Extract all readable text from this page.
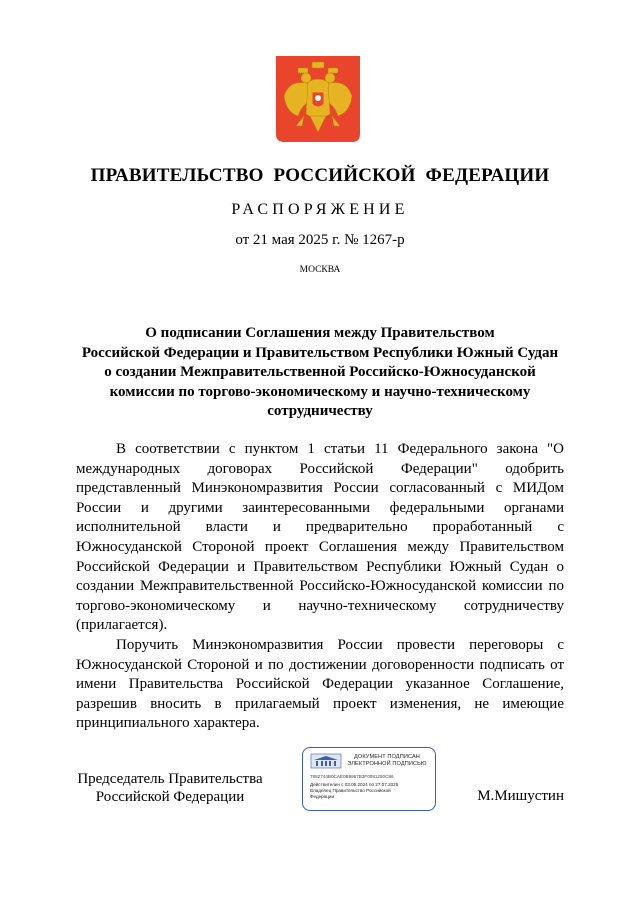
ПРАВИТЕЛЬСТВО РОССИЙСКОЙ ФЕДЕРАЦИИ
РАСПОРЯЖЕНИЕ
от 21 мая 2025 г. № 1267-р
МОСКВА
О подписании Соглашения между Правительством
Российской Федерации и Правительством Республики Южный Судан
о создании Межправительственной Российско-Южносуданской
комиссии по торгово-экономическому и научно-техническому
сотрудничеству

В соответствии с пунктом 1 статьи 11 Федерального закона "О международных договорах Российской Федерации" одобрить представленный Минэкономразвития России согласованный с МИДом России и другими заинтересованными федеральными органами исполнительной власти и предварительно проработанный с Южносуданской Стороной проект Соглашения между Правительством Российской Федерации и Правительством Республики Южный Судан о создании Межправительственной Российско-Южносуданской комиссии по торгово-экономическому и научно-техническому сотрудничеству (прилагается).

Поручить Минэкономразвития России провести переговоры с Южносуданской Стороной и по достижении договоренности подписать от имени Правительства Российской Федерации указанное Соглашение, разрешив вносить в прилагаемый проект изменения, не имеющие принципиального характера.

Председатель Правительства
Российской Федерации
ДОКУМЕНТ ПОДПИСАН
ЭЛЕКТРОННОЙ ПОДПИСЬЮ
7882744B0CAE0B9967B3F0081250C86
Действителен с 03.05.2024 по 27.07.2025
Владелец Правительство Российской
Федерации	М.Мишустин
